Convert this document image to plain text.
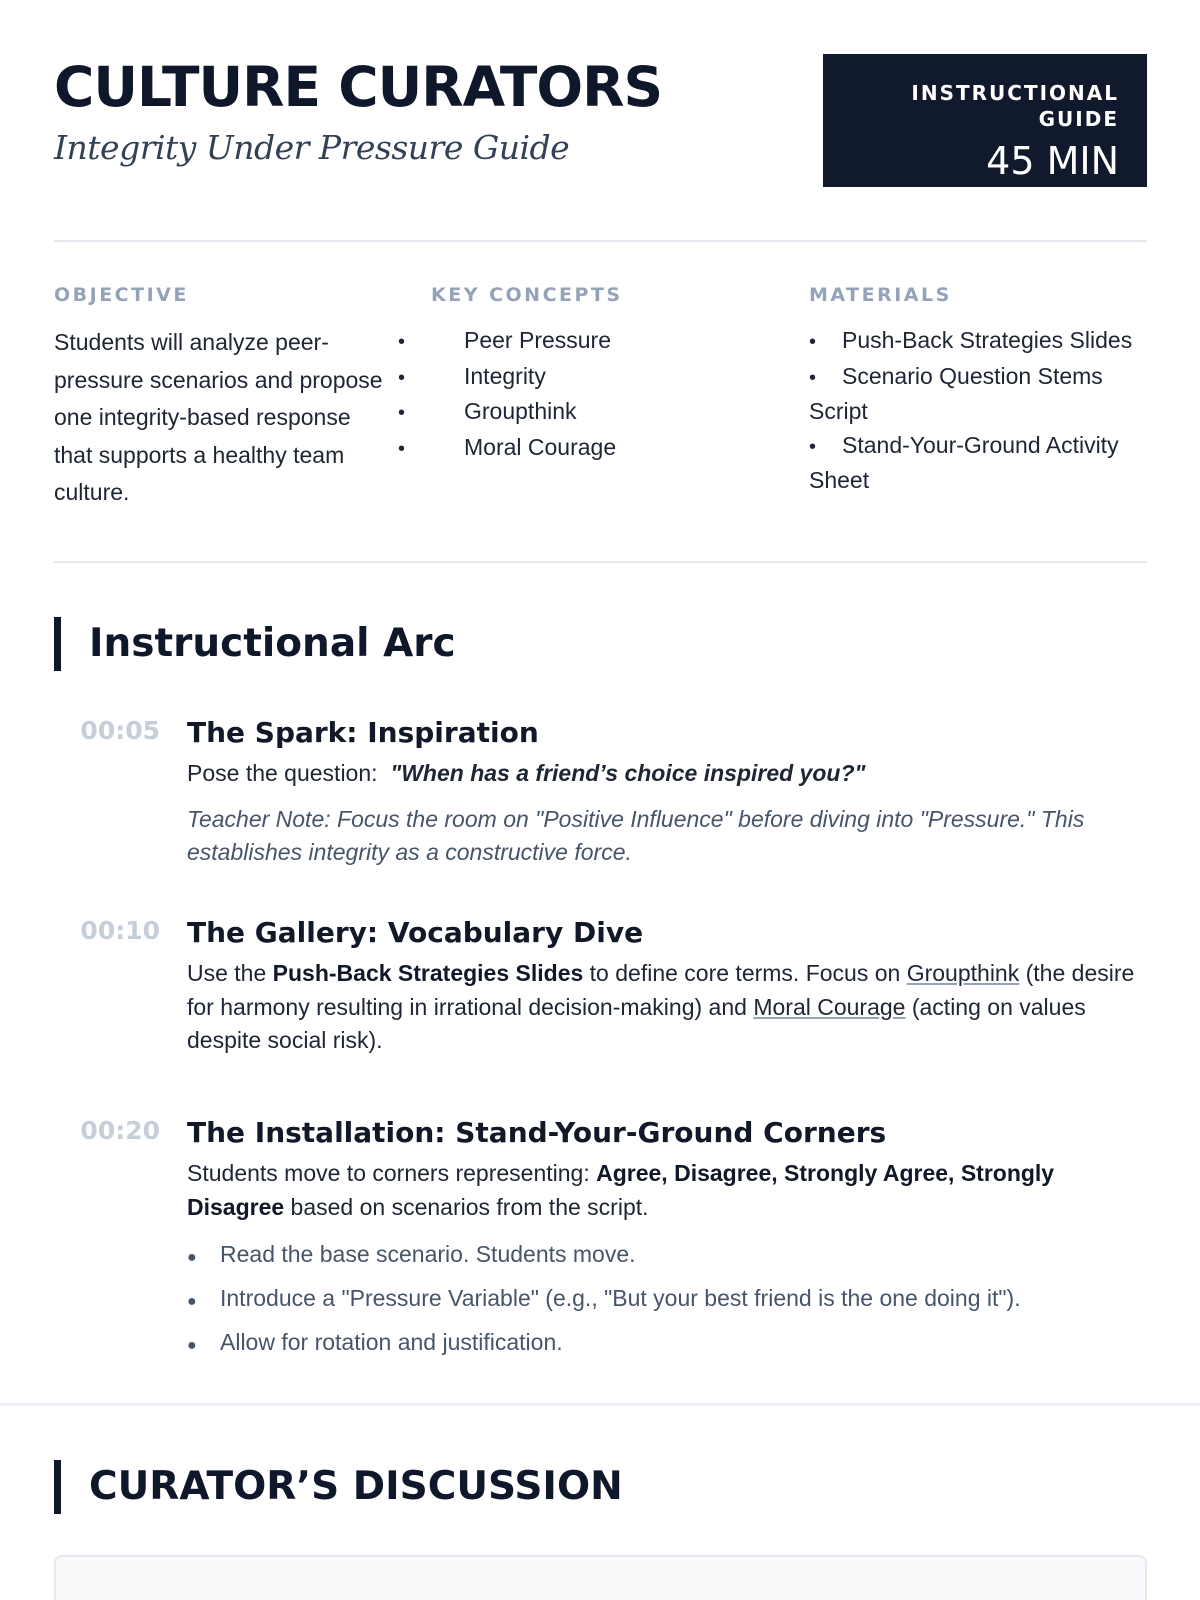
CULTURE CURATORS
Integrity Under Pressure Guide
INSTRUCTIONAL GUIDE
45 MIN
OBJECTIVE
Students will analyze peer-pressure scenarios and propose one integrity-based response that supports a healthy team culture.
KEY CONCEPTS
•	Peer Pressure
•	Integrity
•	Groupthink
•	Moral Courage
MATERIALS
• Push-Back Strategies Slides
• Scenario Question Stems Script
• Stand-Your-Ground Activity Sheet
Instructional Arc
00:05 The Spark: Inspiration
Pose the question: "When has a friend’s choice inspired you?"
Teacher Note: Focus the room on "Positive Influence" before diving into "Pressure." This establishes integrity as a constructive force.
00:10 The Gallery: Vocabulary Dive
Use the Push-Back Strategies Slides to define core terms. Focus on Groupthink (the desire for harmony resulting in irrational decision-making) and Moral Courage (acting on values despite social risk).
00:20 The Installation: Stand-Your-Ground Corners
Students move to corners representing: Agree, Disagree, Strongly Agree, Strongly Disagree based on scenarios from the script.
● Read the base scenario. Students move.
● Introduce a "Pressure Variable" (e.g., "But your best friend is the one doing it").
● Allow for rotation and justification.
CURATOR’S DISCUSSION
